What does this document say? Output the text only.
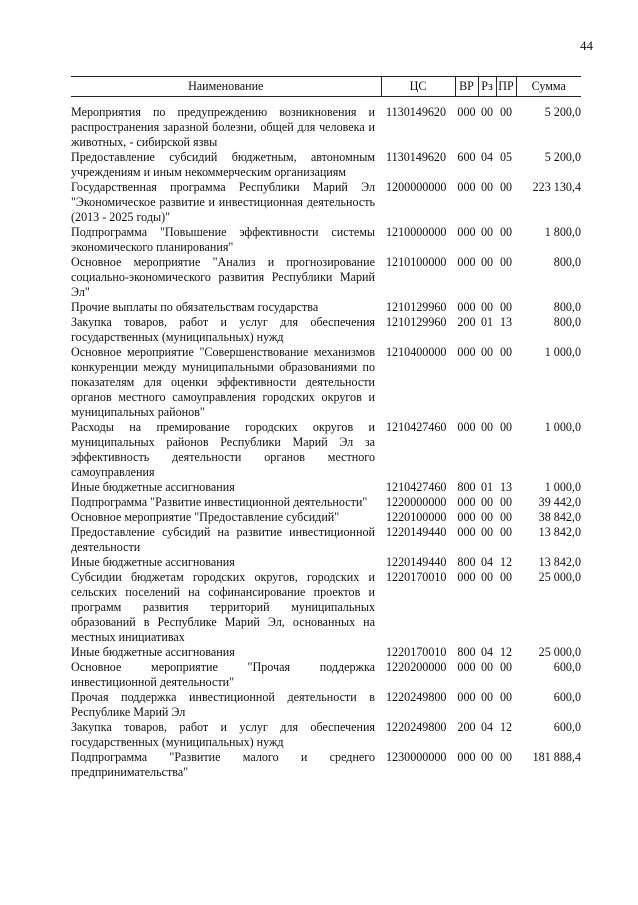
44
Наименование	ЦС	ВР	Рз	ПР	Сумма
Мероприятия по предупреждению возникновения и распространения заразной болезни, общей для человека и животных, - сибирской язвы	1130149620	000	00	00	5 200,0
Предоставление субсидий бюджетным, автономным учреждениям и иным некоммерческим организациям	1130149620	600	04	05	5 200,0
Государственная программа Республики Марий Эл "Экономическое развитие и инвестиционная деятельность (2013 - 2025 годы)"	1200000000	000	00	00	223 130,4
Подпрограмма "Повышение эффективности системы экономического планирования"	1210000000	000	00	00	1 800,0
Основное мероприятие "Анализ и прогнозирование социально-экономического развития Республики Марий Эл"	1210100000	000	00	00	800,0
Прочие выплаты по обязательствам государства	1210129960	000	00	00	800,0
Закупка товаров, работ и услуг для обеспечения государственных (муниципальных) нужд	1210129960	200	01	13	800,0
Основное мероприятие "Совершенствование механизмов конкуренции между муниципальными образованиями по показателям для оценки эффективности деятельности органов местного самоуправления городских округов и муниципальных районов"	1210400000	000	00	00	1 000,0
Расходы на премирование городских округов и муниципальных районов Республики Марий Эл за эффективность деятельности органов местного самоуправления	1210427460	000	00	00	1 000,0
Иные бюджетные ассигнования	1210427460	800	01	13	1 000,0
Подпрограмма "Развитие инвестиционной деятельности"	1220000000	000	00	00	39 442,0
Основное мероприятие "Предоставление субсидий"	1220100000	000	00	00	38 842,0
Предоставление субсидий на развитие инвестиционной деятельности	1220149440	000	00	00	13 842,0
Иные бюджетные ассигнования	1220149440	800	04	12	13 842,0
Субсидии бюджетам городских округов, городских и сельских поселений на софинансирование проектов и программ развития территорий муниципальных образований в Республике Марий Эл, основанных на местных инициативах	1220170010	000	00	00	25 000,0
Иные бюджетные ассигнования	1220170010	800	04	12	25 000,0
Основное мероприятие "Прочая поддержка инвестиционной деятельности"	1220200000	000	00	00	600,0
Прочая поддержка инвестиционной деятельности в Республике Марий Эл	1220249800	000	00	00	600,0
Закупка товаров, работ и услуг для обеспечения государственных (муниципальных) нужд	1220249800	200	04	12	600,0
Подпрограмма "Развитие малого и среднего предпринимательства"	1230000000	000	00	00	181 888,4
